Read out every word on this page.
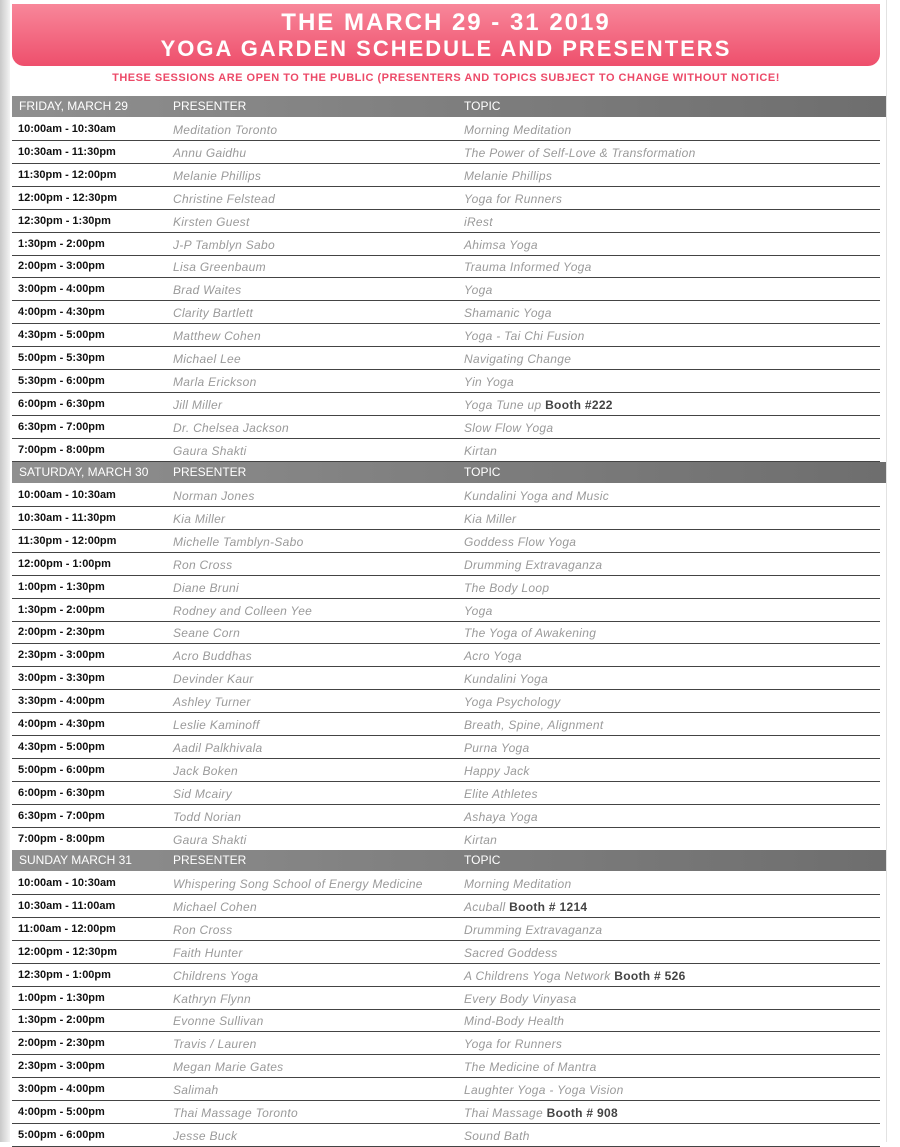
THE MARCH 29 - 31 2019
YOGA GARDEN SCHEDULE AND PRESENTERS
THESE SESSIONS ARE OPEN TO THE PUBLIC (PRESENTERS AND TOPICS SUBJECT TO CHANGE WITHOUT NOTICE!
FRIDAY, MARCH 29	PRESENTER	TOPIC
10:00am - 10:30am	Meditation Toronto	Morning Meditation
10:30am - 11:30pm	Annu Gaidhu	The Power of Self-Love & Transformation
11:30pm - 12:00pm	Melanie Phillips	Melanie Phillips
12:00pm - 12:30pm	Christine Felstead	Yoga for Runners
12:30pm - 1:30pm	Kirsten Guest	iRest
1:30pm - 2:00pm	J-P Tamblyn Sabo	Ahimsa Yoga
2:00pm - 3:00pm	Lisa Greenbaum	Trauma Informed Yoga
3:00pm - 4:00pm	Brad Waites	Yoga
4:00pm - 4:30pm	Clarity Bartlett	Shamanic Yoga
4:30pm - 5:00pm	Matthew Cohen	Yoga - Tai Chi Fusion
5:00pm - 5:30pm	Michael Lee	Navigating Change
5:30pm - 6:00pm	Marla Erickson	Yin Yoga
6:00pm - 6:30pm	Jill Miller	Yoga Tune up Booth #222
6:30pm - 7:00pm	Dr. Chelsea Jackson	Slow Flow Yoga
7:00pm - 8:00pm	Gaura Shakti	Kirtan
SATURDAY, MARCH 30 PRESENTER	TOPIC
10:00am - 10:30am	Norman Jones	Kundalini Yoga and Music
10:30am - 11:30pm	Kia Miller	Kia Miller
11:30pm - 12:00pm	Michelle Tamblyn-Sabo	Goddess Flow Yoga
12:00pm - 1:00pm	Ron Cross	Drumming Extravaganza
1:00pm - 1:30pm	Diane Bruni	The Body Loop
1:30pm - 2:00pm	Rodney and Colleen Yee	Yoga
2:00pm - 2:30pm	Seane Corn	The Yoga of Awakening
2:30pm - 3:00pm	Acro Buddhas	Acro Yoga
3:00pm - 3:30pm	Devinder Kaur	Kundalini Yoga
3:30pm - 4:00pm	Ashley Turner	Yoga Psychology
4:00pm - 4:30pm	Leslie Kaminoff	Breath, Spine, Alignment
4:30pm - 5:00pm	Aadil Palkhivala	Purna Yoga
5:00pm - 6:00pm	Jack Boken	Happy Jack
6:00pm - 6:30pm	Sid Mcairy	Elite Athletes
6:30pm - 7:00pm	Todd Norian	Ashaya Yoga
7:00pm - 8:00pm	Gaura Shakti	Kirtan
SUNDAY MARCH 31	PRESENTER	TOPIC
10:00am - 10:30am	Whispering Song School of Energy Medicine	Morning Meditation
10:30am - 11:00am	Michael Cohen	Acuball Booth # 1214
11:00am - 12:00pm	Ron Cross	Drumming Extravaganza
12:00pm - 12:30pm	Faith Hunter	Sacred Goddess
12:30pm - 1:00pm	Childrens Yoga	A Childrens Yoga Network Booth # 526
1:00pm - 1:30pm	Kathryn Flynn	Every Body Vinyasa
1:30pm - 2:00pm	Evonne Sullivan	Mind-Body Health
2:00pm - 2:30pm	Travis / Lauren	Yoga for Runners
2:30pm - 3:00pm	Megan Marie Gates	The Medicine of Mantra
3:00pm - 4:00pm	Salimah	Laughter Yoga - Yoga Vision
4:00pm - 5:00pm	Thai Massage Toronto	Thai Massage Booth # 908
5:00pm - 6:00pm	Jesse Buck	Sound Bath
